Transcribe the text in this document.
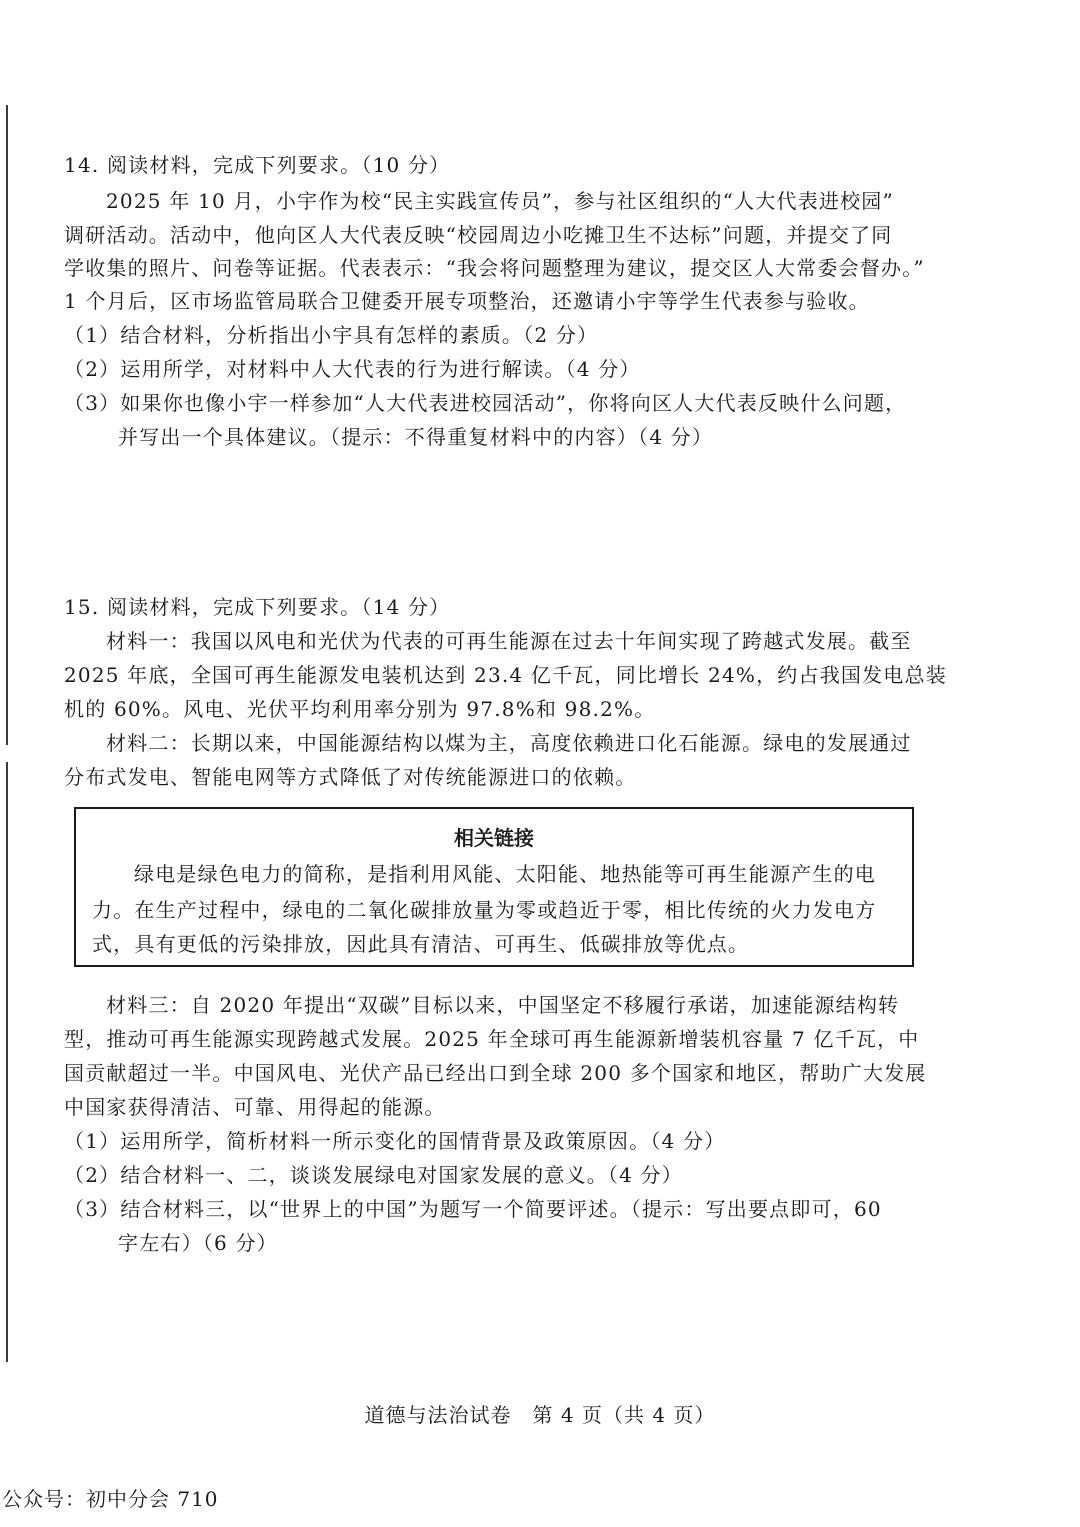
14. 阅读材料，完成下列要求。（10 分）
2025 年 10 月，小宇作为校“民主实践宣传员”，参与社区组织的“人大代表进校园”
调研活动。活动中，他向区人大代表反映“校园周边小吃摊卫生不达标”问题，并提交了同
学收集的照片、问卷等证据。代表表示：“我会将问题整理为建议，提交区人大常委会督办。”
1 个月后，区市场监管局联合卫健委开展专项整治，还邀请小宇等学生代表参与验收。
（1）结合材料，分析指出小宇具有怎样的素质。（2 分）
（2）运用所学，对材料中人大代表的行为进行解读。（4 分）
（3）如果你也像小宇一样参加“人大代表进校园活动”，你将向区人大代表反映什么问题，
并写出一个具体建议。（提示：不得重复材料中的内容）（4 分）
15. 阅读材料，完成下列要求。（14 分）
材料一：我国以风电和光伏为代表的可再生能源在过去十年间实现了跨越式发展。截至
2025 年底，全国可再生能源发电装机达到 23.4 亿千瓦，同比增长 24%，约占我国发电总装
机的 60%。风电、光伏平均利用率分别为 97.8%和 98.2%。
材料二：长期以来，中国能源结构以煤为主，高度依赖进口化石能源。绿电的发展通过
分布式发电、智能电网等方式降低了对传统能源进口的依赖。
相关链接
绿电是绿色电力的简称，是指利用风能、太阳能、地热能等可再生能源产生的电
力。在生产过程中，绿电的二氧化碳排放量为零或趋近于零，相比传统的火力发电方
式，具有更低的污染排放，因此具有清洁、可再生、低碳排放等优点。
材料三：自 2020 年提出“双碳”目标以来，中国坚定不移履行承诺，加速能源结构转
型，推动可再生能源实现跨越式发展。2025 年全球可再生能源新增装机容量 7 亿千瓦，中
国贡献超过一半。中国风电、光伏产品已经出口到全球 200 多个国家和地区，帮助广大发展
中国家获得清洁、可靠、用得起的能源。
（1）运用所学，简析材料一所示变化的国情背景及政策原因。（4 分）
（2）结合材料一、二，谈谈发展绿电对国家发展的意义。（4 分）
（3）结合材料三，以“世界上的中国”为题写一个简要评述。（提示：写出要点即可，60
字左右）（6 分）
道德与法治试卷　第 4 页（共 4 页）
公众号：初中分会 710
